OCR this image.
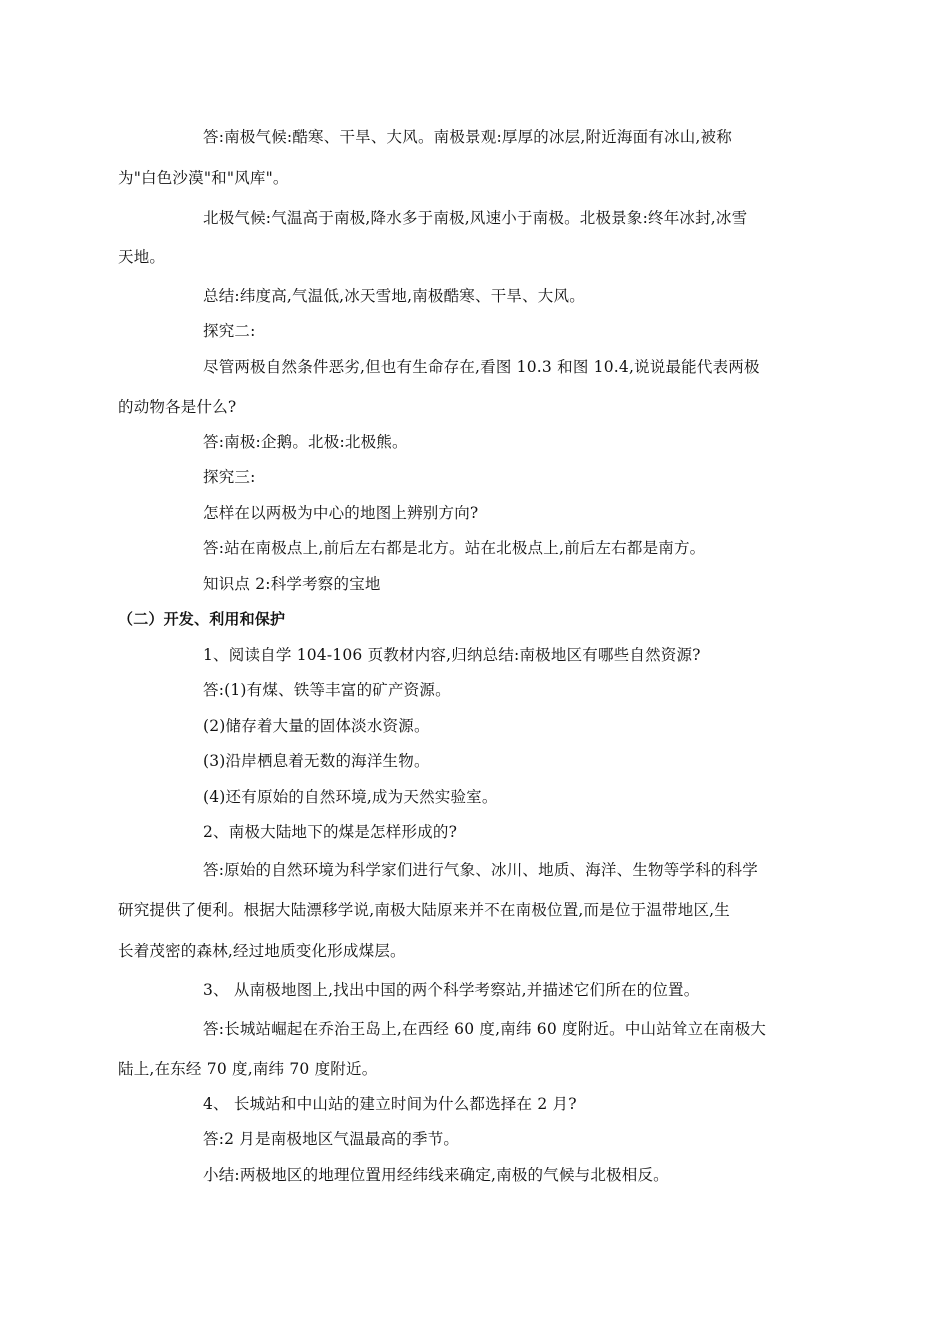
答:南极气候:酷寒、干旱、大风。南极景观:厚厚的冰层,附近海面有冰山,被称
为"白色沙漠"和"风库"。
北极气候:气温高于南极,降水多于南极,风速小于南极。北极景象:终年冰封,冰雪
天地。
总结:纬度高,气温低,冰天雪地,南极酷寒、干旱、大风。
探究二:
尽管两极自然条件恶劣,但也有生命存在,看图 10.3 和图 10.4,说说最能代表两极
的动物各是什么?
答:南极:企鹅。北极:北极熊。
探究三:
怎样在以两极为中心的地图上辨别方向?
答:站在南极点上,前后左右都是北方。站在北极点上,前后左右都是南方。
知识点 2:科学考察的宝地
（二）开发、利用和保护
1、阅读自学 104-106 页教材内容,归纳总结:南极地区有哪些自然资源?
答:(1)有煤、铁等丰富的矿产资源。
(2)储存着大量的固体淡水资源。
(3)沿岸栖息着无数的海洋生物。
(4)还有原始的自然环境,成为天然实验室。
2、南极大陆地下的煤是怎样形成的?
答:原始的自然环境为科学家们进行气象、冰川、地质、海洋、生物等学科的科学
研究提供了便利。根据大陆漂移学说,南极大陆原来并不在南极位置,而是位于温带地区,生
长着茂密的森林,经过地质变化形成煤层。
3、 从南极地图上,找出中国的两个科学考察站,并描述它们所在的位置。
答:长城站崛起在乔治王岛上,在西经 60 度,南纬 60 度附近。中山站耸立在南极大
陆上,在东经 70 度,南纬 70 度附近。
4、 长城站和中山站的建立时间为什么都选择在 2 月?
答:2 月是南极地区气温最高的季节。
小结:两极地区的地理位置用经纬线来确定,南极的气候与北极相反。
